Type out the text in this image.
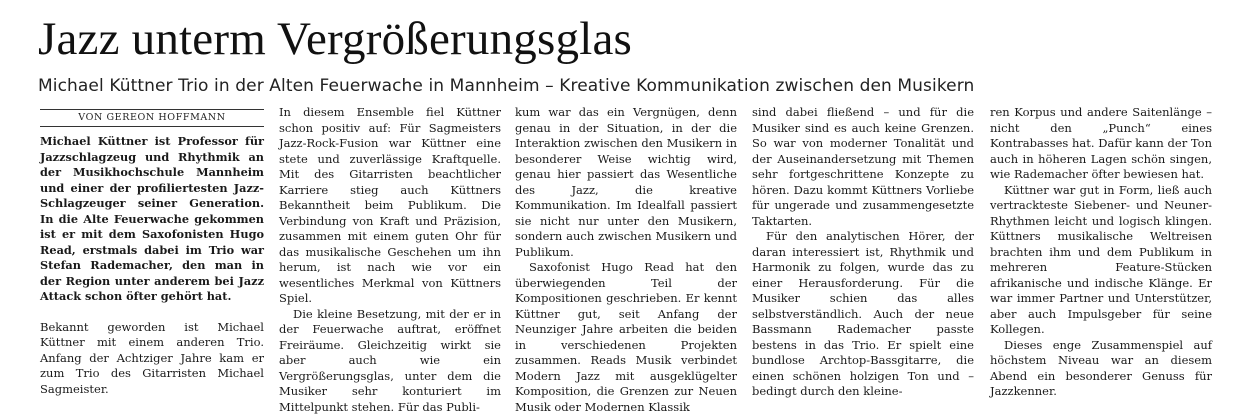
Jazz unterm Vergrößerungsglas
Michael Küttner Trio in der Alten Feuerwache in Mannheim – Kreative Kommunikation zwischen den Musikern
VON GEREON HOFFMANN

Michael Küttner ist Professor für Jazzschlagzeug und Rhythmik an der Musikhochschule Mannheim und einer der profiliertesten Jazz-Schlagzeuger seiner Generation. In die Alte Feuerwache gekommen ist er mit dem Saxofonisten Hugo Read, erstmals dabei im Trio war Stefan Rademacher, den man in der Region unter anderem bei Jazz Attack schon öfter gehört hat.

Bekannt geworden ist Michael Küttner mit einem anderen Trio. Anfang der Achtziger Jahre kam er zum Trio des Gitarristen Michael Sagmeister.

In diesem Ensemble fiel Küttner schon positiv auf: Für Sagmeisters Jazz-Rock-Fusion war Küttner eine stete und zuverlässige Kraftquelle. Mit des Gitarristen beachtlicher Karriere stieg auch Küttners Bekanntheit beim Publikum. Die Verbindung von Kraft und Präzision, zusammen mit einem guten Ohr für das musikalische Geschehen um ihn herum, ist nach wie vor ein wesentliches Merkmal von Küttners Spiel.

Die kleine Besetzung, mit der er in der Feuerwache auftrat, eröffnet Freiräume. Gleichzeitig wirkt sie aber auch wie ein Vergrößerungsglas, unter dem die Musiker sehr konturiert im Mittelpunkt stehen. Für das Publi-

kum war das ein Vergnügen, denn genau in der Situation, in der die Interaktion zwischen den Musikern in besonderer Weise wichtig wird, genau hier passiert das Wesentliche des Jazz, die kreative Kommunikation. Im Idealfall passiert sie nicht nur unter den Musikern, sondern auch zwischen Musikern und Publikum.

Saxofonist Hugo Read hat den überwiegenden Teil der Kompositionen geschrieben. Er kennt Küttner gut, seit Anfang der Neunziger Jahre arbeiten die beiden in verschiedenen Projekten zusammen. Reads Musik verbindet Modern Jazz mit ausgeklügelter Komposition, die Grenzen zur Neuen Musik oder Modernen Klassik

sind dabei fließend – und für die Musiker sind es auch keine Grenzen. So war von moderner Tonalität und der Auseinandersetzung mit Themen sehr fortgeschrittene Konzepte zu hören. Dazu kommt Küttners Vorliebe für ungerade und zusammengesetzte Taktarten.

Für den analytischen Hörer, der daran interessiert ist, Rhythmik und Harmonik zu folgen, wurde das zu einer Herausforderung. Für die Musiker schien das alles selbstverständlich. Auch der neue Bassmann Rademacher passte bestens in das Trio. Er spielt eine bundlose Archtop-Bassgitarre, die einen schönen holzigen Ton und – bedingt durch den kleine-

ren Korpus und andere Saitenlänge – nicht den „Punch“ eines Kontrabasses hat. Dafür kann der Ton auch in höheren Lagen schön singen, wie Rademacher öfter bewiesen hat.

Küttner war gut in Form, ließ auch vertrackteste Siebener- und Neuner-Rhythmen leicht und logisch klingen. Küttners musikalische Weltreisen brachten ihm und dem Publikum in mehreren Feature-Stücken afrikanische und indische Klänge. Er war immer Partner und Unterstützer, aber auch Impulsgeber für seine Kollegen.

Dieses enge Zusammenspiel auf höchstem Niveau war an diesem Abend ein besonderer Genuss für Jazzkenner.
